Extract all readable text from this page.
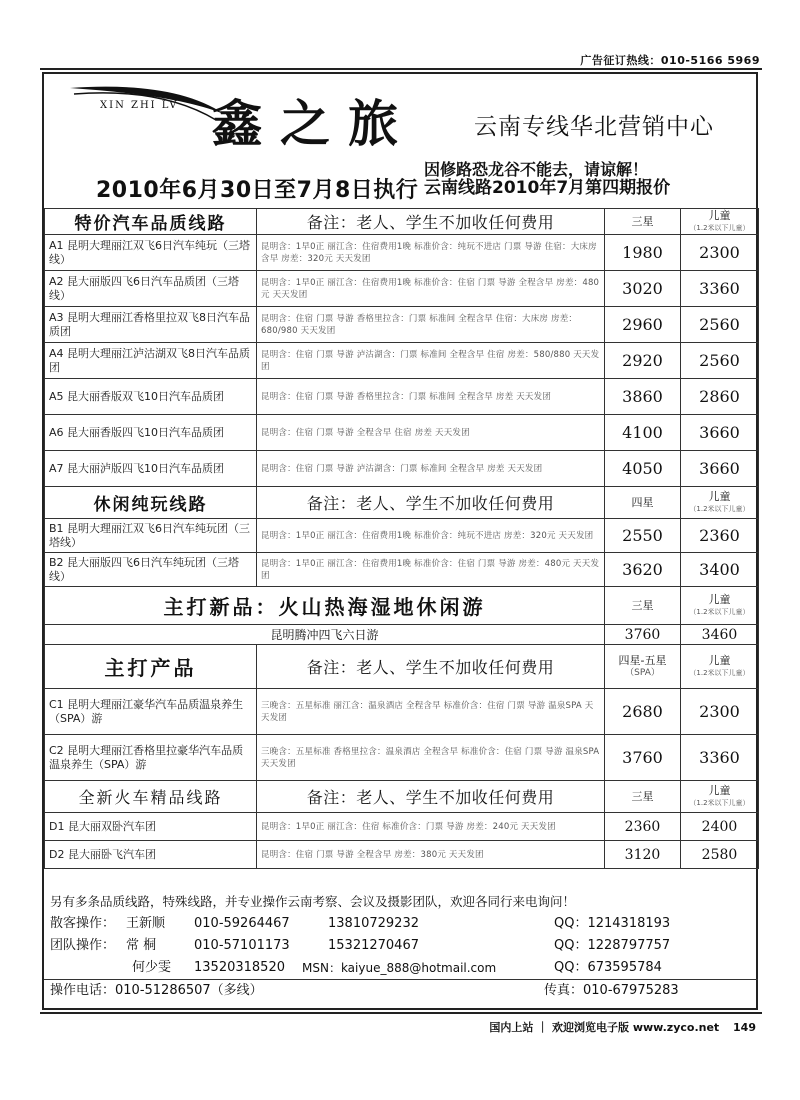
广告征订热线：010-5166 5969
XIN ZHI LV 鑫之旅	云南专线华北营销中心
2010年6月30日至7月8日执行
因修路恐龙谷不能去，请谅解！
云南线路2010年7月第四期报价
特价汽车品质线路	备注：老人、学生不加收任何费用	三星	儿童
（1.2米以下儿童）

A1 昆明大理丽江双飞6日汽车纯玩（三塔线）	昆明含：1早0正 丽江含：住宿费用1晚 标准价含：纯玩不进店 门票 导游 住宿：大床房含早 房差：320元 天天发团	1980	2300
A2 昆大丽版四飞6日汽车品质团（三塔线）	昆明含：1早0正 丽江含：住宿费用1晚 标准价含：住宿 门票 导游 全程含早 房差：480元 天天发团	3020	3360
A3 昆明大理丽江香格里拉双飞8日汽车品质团	昆明含：住宿 门票 导游 香格里拉含：门票 标准间 全程含早 住宿：大床房 房差：680/980 天天发团	2960	2560
A4 昆明大理丽江泸沽湖双飞8日汽车品质团	昆明含：住宿 门票 导游 泸沽湖含：门票 标准间 全程含早 住宿 房差：580/880 天天发团	2920	2560
A5 昆大丽香版双飞10日汽车品质团	昆明含：住宿 门票 导游 香格里拉含：门票 标准间 全程含早 房差 天天发团	3860	2860
A6 昆大丽香版四飞10日汽车品质团	昆明含：住宿 门票 导游 全程含早 住宿 房差 天天发团	4100	3660
A7 昆大丽泸版四飞10日汽车品质团	昆明含：住宿 门票 导游 泸沽湖含：门票 标准间 全程含早 房差 天天发团	4050	3660
休闲纯玩线路	备注：老人、学生不加收任何费用	四星	儿童
（1.2米以下儿童）

B1 昆明大理丽江双飞6日汽车纯玩团（三塔线）	昆明含：1早0正 丽江含：住宿费用1晚 标准价含：纯玩不进店 房差：320元 天天发团	2550	2360
B2 昆大丽版四飞6日汽车纯玩团（三塔线）	昆明含：1早0正 丽江含：住宿费用1晚 标准价含：住宿 门票 导游 房差：480元 天天发团	3620	3400
主打新品：火山热海湿地休闲游		三星	儿童
（1.2米以下儿童）

昆明腾冲四飞六日游		3760	3460
主打产品	备注：老人、学生不加收任何费用	四星-五星
（SPA）	儿童
（1.2米以下儿童）

C1 昆明大理丽江豪华汽车品质温泉养生（SPA）游	三晚含：五星标准 丽江含：温泉酒店 全程含早 标准价含：住宿 门票 导游 温泉SPA 天天发团	2680	2300
C2 昆明大理丽江香格里拉豪华汽车品质温泉养生（SPA）游	三晚含：五星标准 香格里拉含：温泉酒店 全程含早 标准价含：住宿 门票 导游 温泉SPA 天天发团	3760	3360
全新火车精品线路	备注：老人、学生不加收任何费用	三星	儿童
（1.2米以下儿童）

D1 昆大丽双卧汽车团	昆明含：1早0正 丽江含：住宿 标准价含：门票 导游 房差：240元 天天发团	2360	2400
D2 昆大丽卧飞汽车团	昆明含：住宿 门票 导游 全程含早 房差：380元 天天发团	3120	2580
另有多条品质线路，特殊线路，并专业操作云南考察、会议及摄影团队，欢迎各同行来电询问！
散客操作： 王新顺 010-59264467	13810729232	QQ：1214318193
团队操作： 常 桐	010-57101173	15321270467	QQ：1228797757
何少雯 13520318520 MSN：kaiyue_888@hotmail.com	QQ：673595784
操作电话：010-51286507（多线）	传真：010-67975283
国内上站 ｜ 欢迎浏览电子版 www.zyco.net 149
